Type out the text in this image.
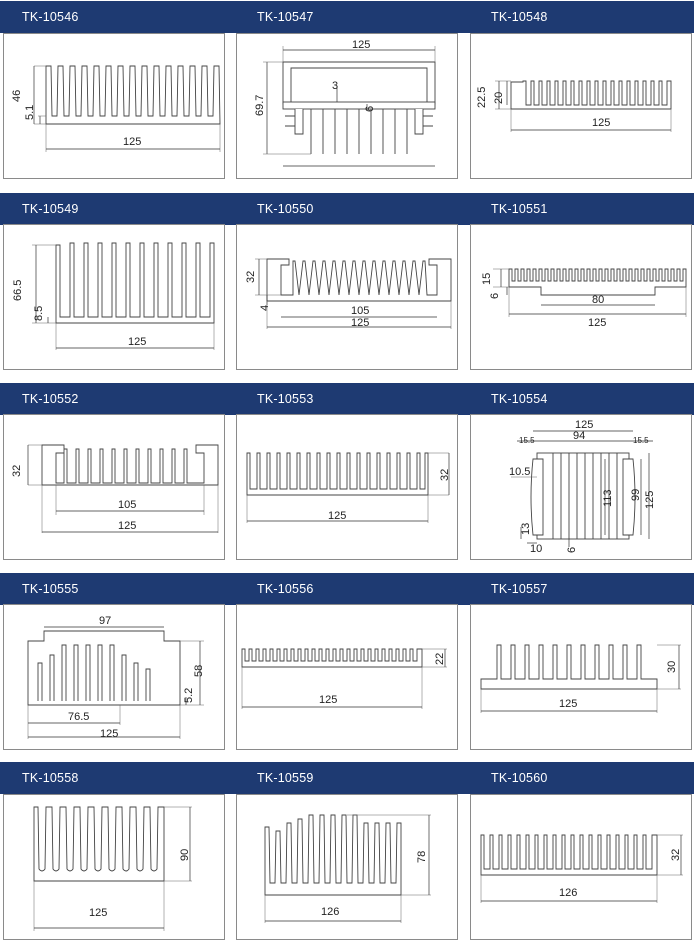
TK-10546	TK-10547	TK-10548
TK-10549	TK-10550	TK-10551
TK-10552	TK-10553	TK-10554
TK-10555	TK-10556	TK-10557
TK-10558	TK-10559	TK-10560
46
5.1
125
125
69.7
3
6
22.5 20
125
66.5
8.5
125
32
4	105
125
15
6	80
125
32
105
125
32
125
125
94
15.5	15.5
10.5
113 99 125
13
10 6
97
58
5.2
76.5
125
22
125
30
125
90
125
78
126
32
126
